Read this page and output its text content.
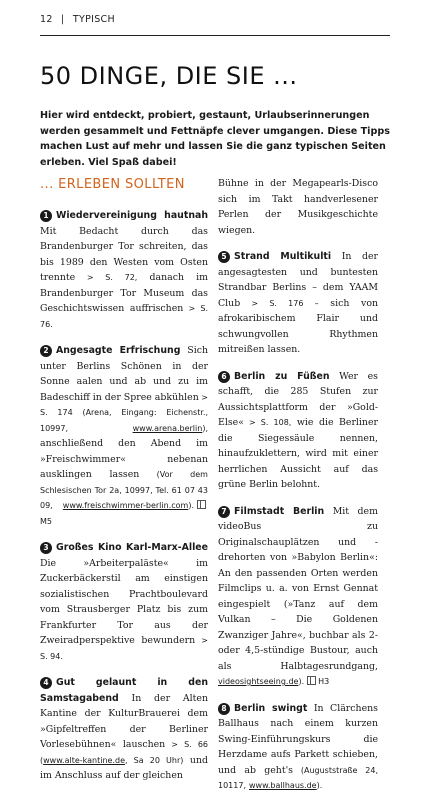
12 | TYPISCH
50 DINGE, DIE SIE ...
Hier wird entdeckt, probiert, gestaunt, Urlaubserinnerungen werden gesammelt und Fettnäpfe clever umgangen. Diese Tipps machen Lust auf mehr und lassen Sie die ganz typischen Seiten erleben. Viel Spaß dabei!
... ERLEBEN SOLLTEN
1 Wiedervereinigung hautnah Mit Bedacht durch das Brandenburger Tor schreiten, das bis 1989 den Westen vom Osten trennte > S. 72, danach im Brandenburger Tor Museum das Geschichtswissen auffrischen > S. 76.
2 Angesagte Erfrischung Sich unter Berlins Schönen in der Sonne aalen und ab und zu im Badeschiff in der Spree abkühlen > S. 174 (Arena, Eingang: Eichenstr., 10997,	www.arena.berlin), anschließend den Abend im »Freischwimmer« nebenan ausklingen lassen (Vor dem Schlesischen Tor 2a, 10997, Tel. 61 07 43 09, www.freischwimmer-berlin.com).M5
3 Großes Kino Karl-Marx-Allee Die »Arbeiterpaläste« im Zuckerbäckerstil am einstigen sozialistischen Prachtboulevard vom Strausberger Platz bis zum Frankfurter Tor aus der Zweiradperspektive bewundern > S. 94.
4 Gut gelaunt in den Samstagabend In der Alten Kantine der KulturBrauerei dem »Gipfeltreffen der Berliner Vorlesebühnen« lauschen > S. 66 (www.alte-kantine.de, Sa 20 Uhr) und im Anschluss auf der gleichen
Bühne in der Megapearls-Disco sich im Takt handverlesener Perlen der Musikgeschichte wiegen.
5 Strand Multikulti In der angesagtesten und buntesten Strandbar Berlins – dem YAAM Club > S. 176 – sich von afrokaribischem Flair und schwungvollen Rhythmen mitreißen lassen.
6 Berlin zu Füßen Wer es schafft, die 285 Stufen zur Aussichtsplattform der »Gold-Else« > S. 108, wie die Berliner die Siegessäule nennen, hinaufzuklettern, wird mit einer herrlichen Aussicht auf das grüne Berlin belohnt.
7 Filmstadt Berlin Mit dem videoBus zu Originalschauplätzen und -drehorten von »Babylon Berlin«: An den passenden Orten werden Filmclips u. a. von Ernst Gennat eingespielt (»Tanz auf dem Vulkan – Die Goldenen Zwanziger Jahre«, buchbar als 2- oder 4,5-stündige Bustour, auch als Halbtagesrundgang, videosightseeing.de). H3
8 Berlin swingt In Clärchens Ballhaus nach einem kurzen Swing-Einführungskurs die Herzdame aufs Parkett schieben, und ab geht's (Auguststraße 24, 10117, www.ballhaus.de).
